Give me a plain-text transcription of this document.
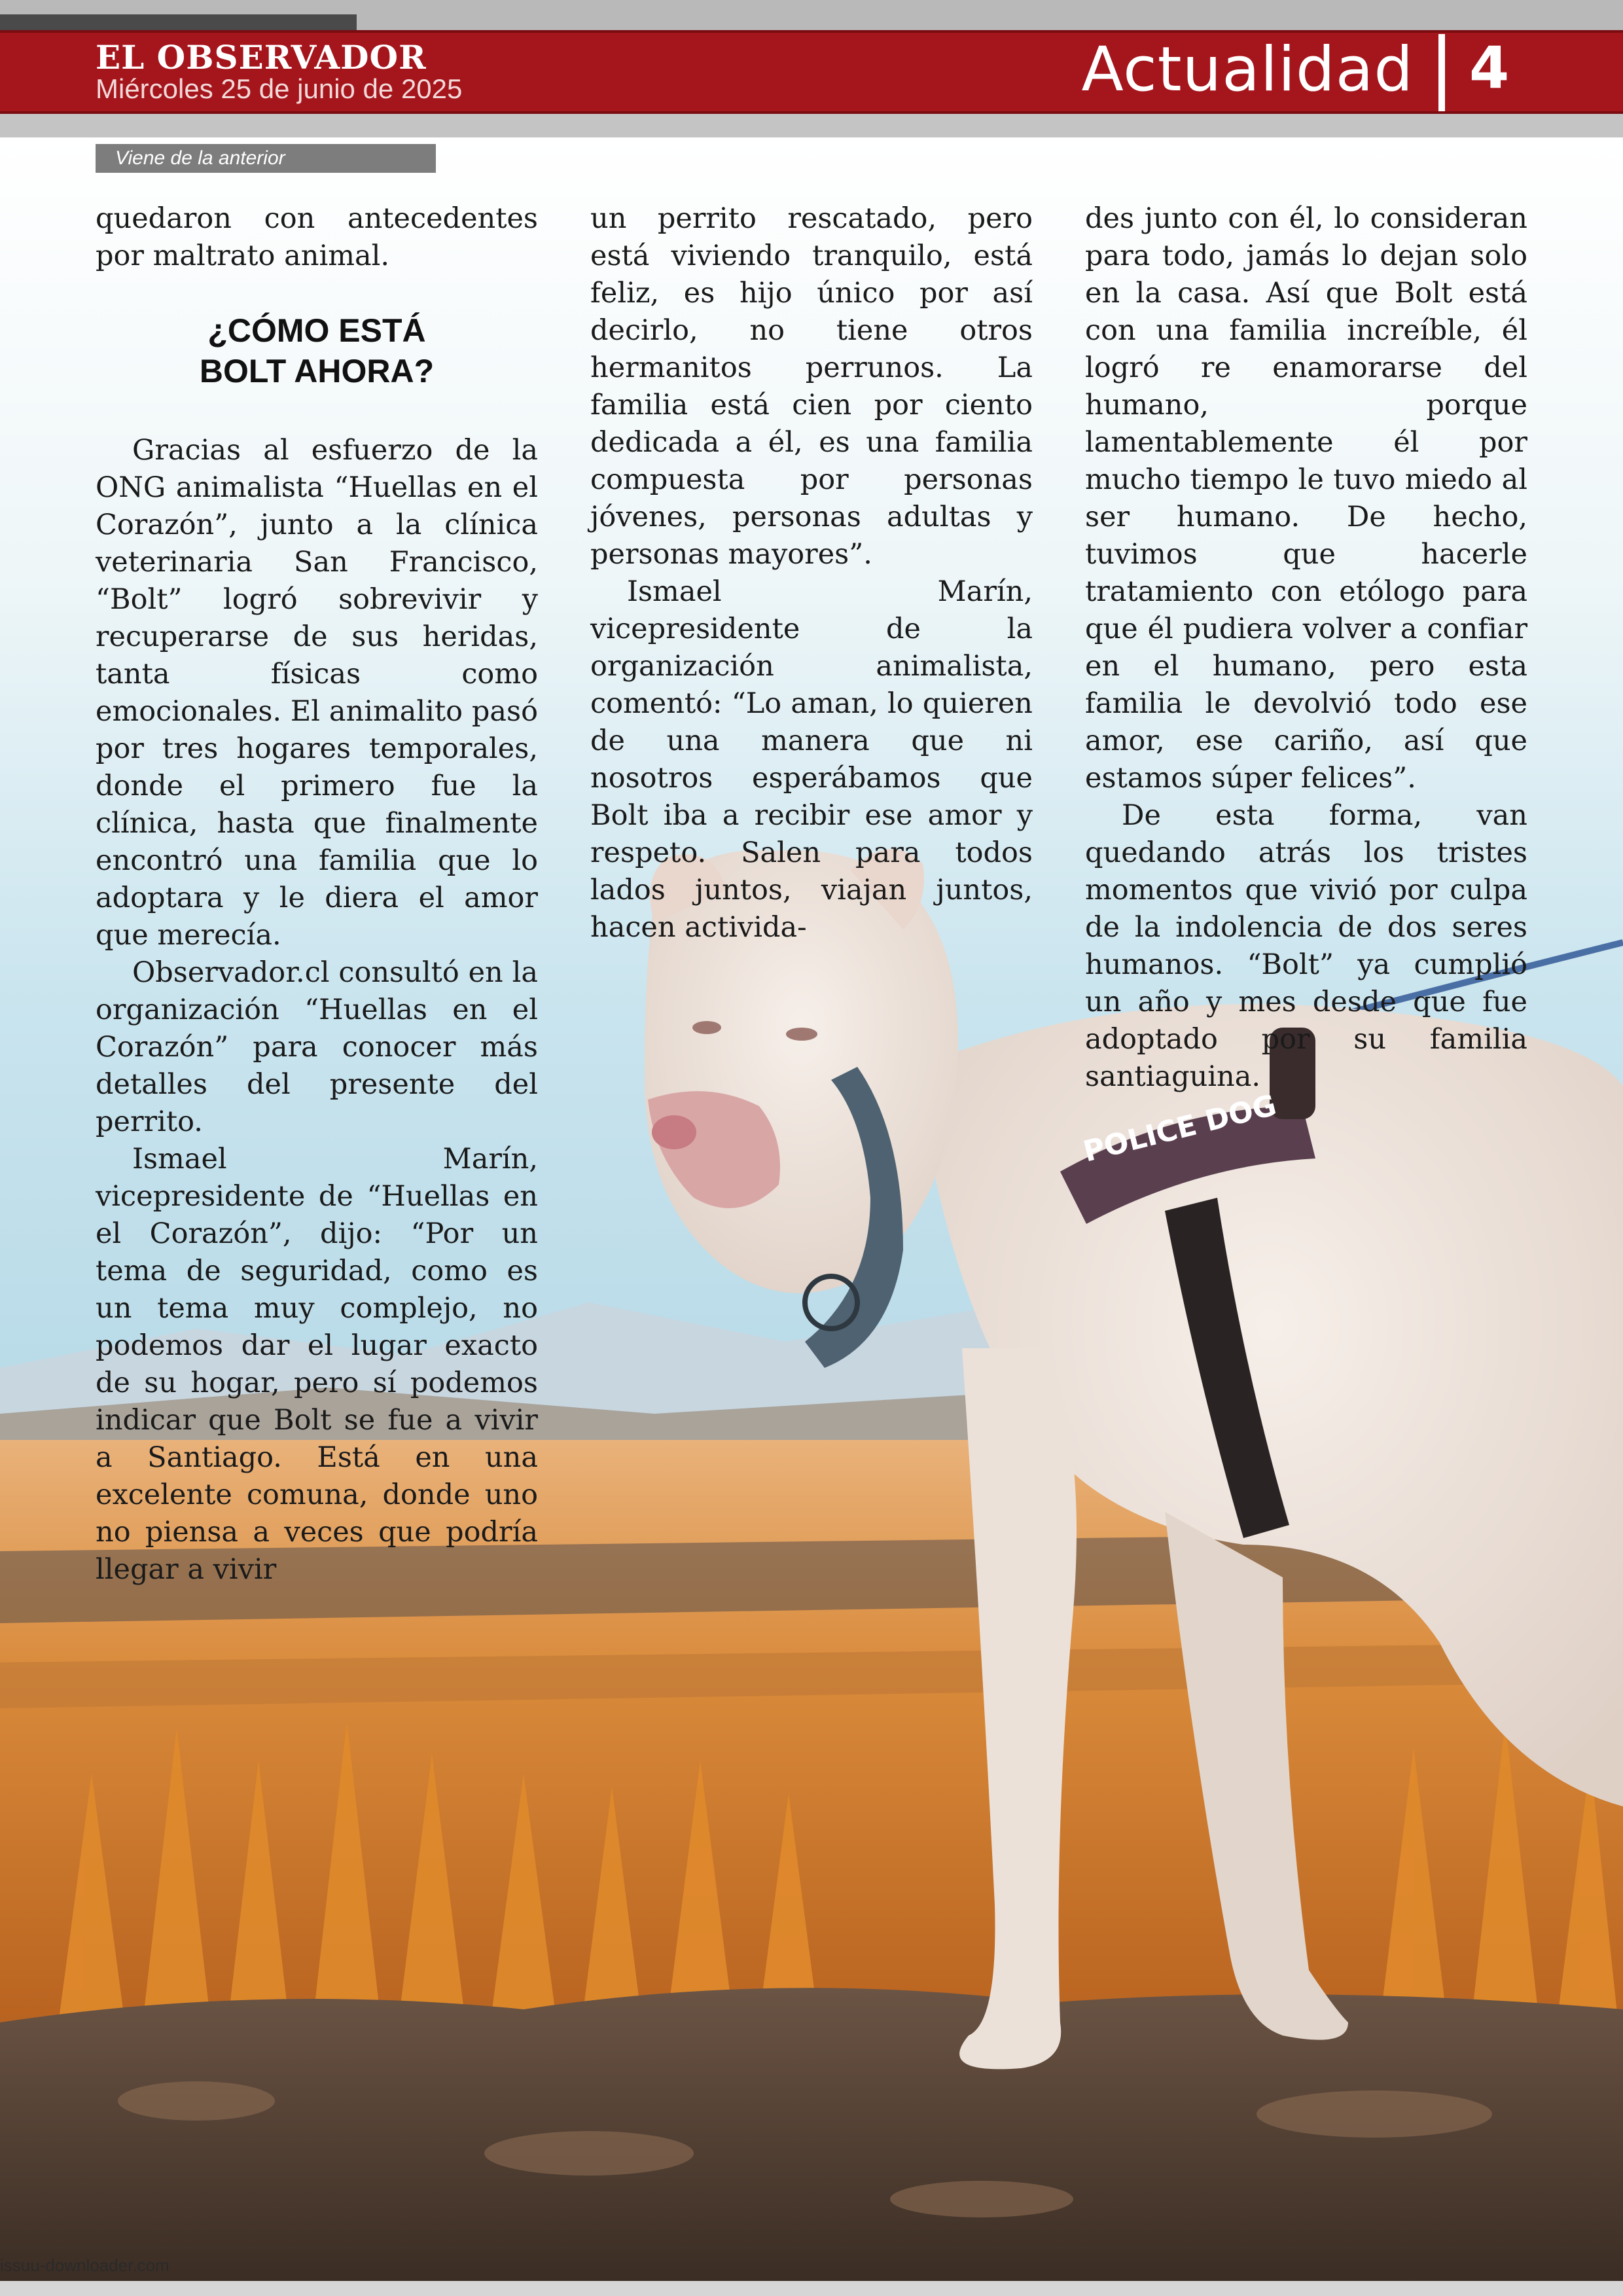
POLICE DOG
EL OBSERVADOR

Miércoles 25 de junio de 2025	Actualidad 4

Viene de la anterior

quedaron con antecedentes por maltrato animal.

¿CÓMO ESTÁ
BOLT AHORA?

Gracias al esfuerzo de la ONG animalista “Huellas en el Corazón”, junto a la clínica veterinaria San Francisco, “Bolt” logró sobrevivir y recuperarse de sus heridas, tanta físicas como emocionales. El animalito pasó por tres hogares temporales, donde el primero fue la clínica, hasta que finalmente encontró una familia que lo adoptara y le diera el amor que merecía.

Observador.cl consultó en la organización “Huellas en el Corazón” para conocer más detalles del presente del perrito.

Ismael Marín, vicepresidente de “Huellas en el Corazón”, dijo: “Por un tema de seguridad, como es un tema muy complejo, no podemos dar el lugar exacto de su hogar, pero sí podemos indicar que Bolt se fue a vivir a Santiago. Está en una excelente comuna, donde uno no piensa a veces que podría llegar a vivir

un perrito rescatado, pero está viviendo tranquilo, está feliz, es hijo único por así decirlo, no tiene otros hermanitos perrunos. La familia está cien por ciento dedicada a él, es una familia compuesta por personas jóvenes, personas adultas y personas mayores”.

Ismael Marín, vicepresidente de la organización animalista, comentó: “Lo aman, lo quieren de una manera que ni nosotros esperábamos que Bolt iba a recibir ese amor y respeto. Salen para todos lados juntos, viajan juntos, hacen activida-

des junto con él, lo consideran para todo, jamás lo dejan solo en la casa. Así que Bolt está con una familia increíble, él logró re enamorarse del humano, porque lamentablemente él por mucho tiempo le tuvo miedo al ser humano. De hecho, tuvimos que hacerle tratamiento con etólogo para que él pudiera volver a confiar en el humano, pero esta familia le devolvió todo ese amor, ese cariño, así que estamos súper felices”.

De esta forma, van quedando atrás los tristes momentos que vivió por culpa de la indolencia de dos seres humanos. “Bolt” ya cumplió un año y mes desde que fue adoptado por su familia santiaguina.

issuu-downloader.com
